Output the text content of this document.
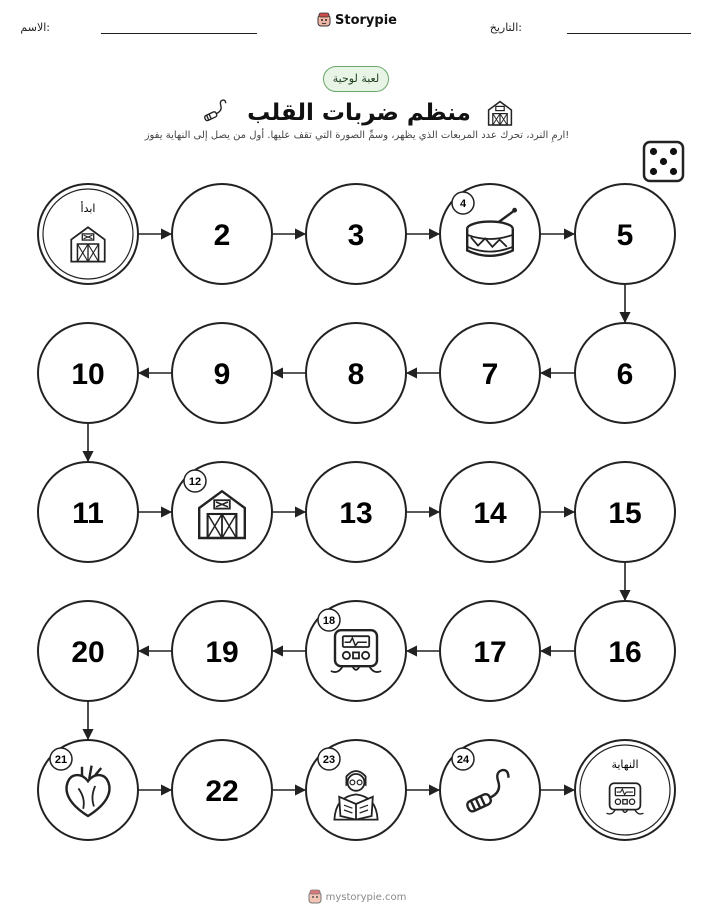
الاسم:	التاريخ:
Storypie
لعبة لوحية
منظم ضربات القلب
ارمِ النرد، تحرك عدد المربعات الذي يظهر، وسمِّ الصورة التي تقف عليها. أول من يصل إلى النهاية يفوز!
ابدأ
2	3
4
5
6
7
8
9
10
11
12
13	14	15
16
17
18
19
20
21
22
23	24	النهاية
mystorypie.com
